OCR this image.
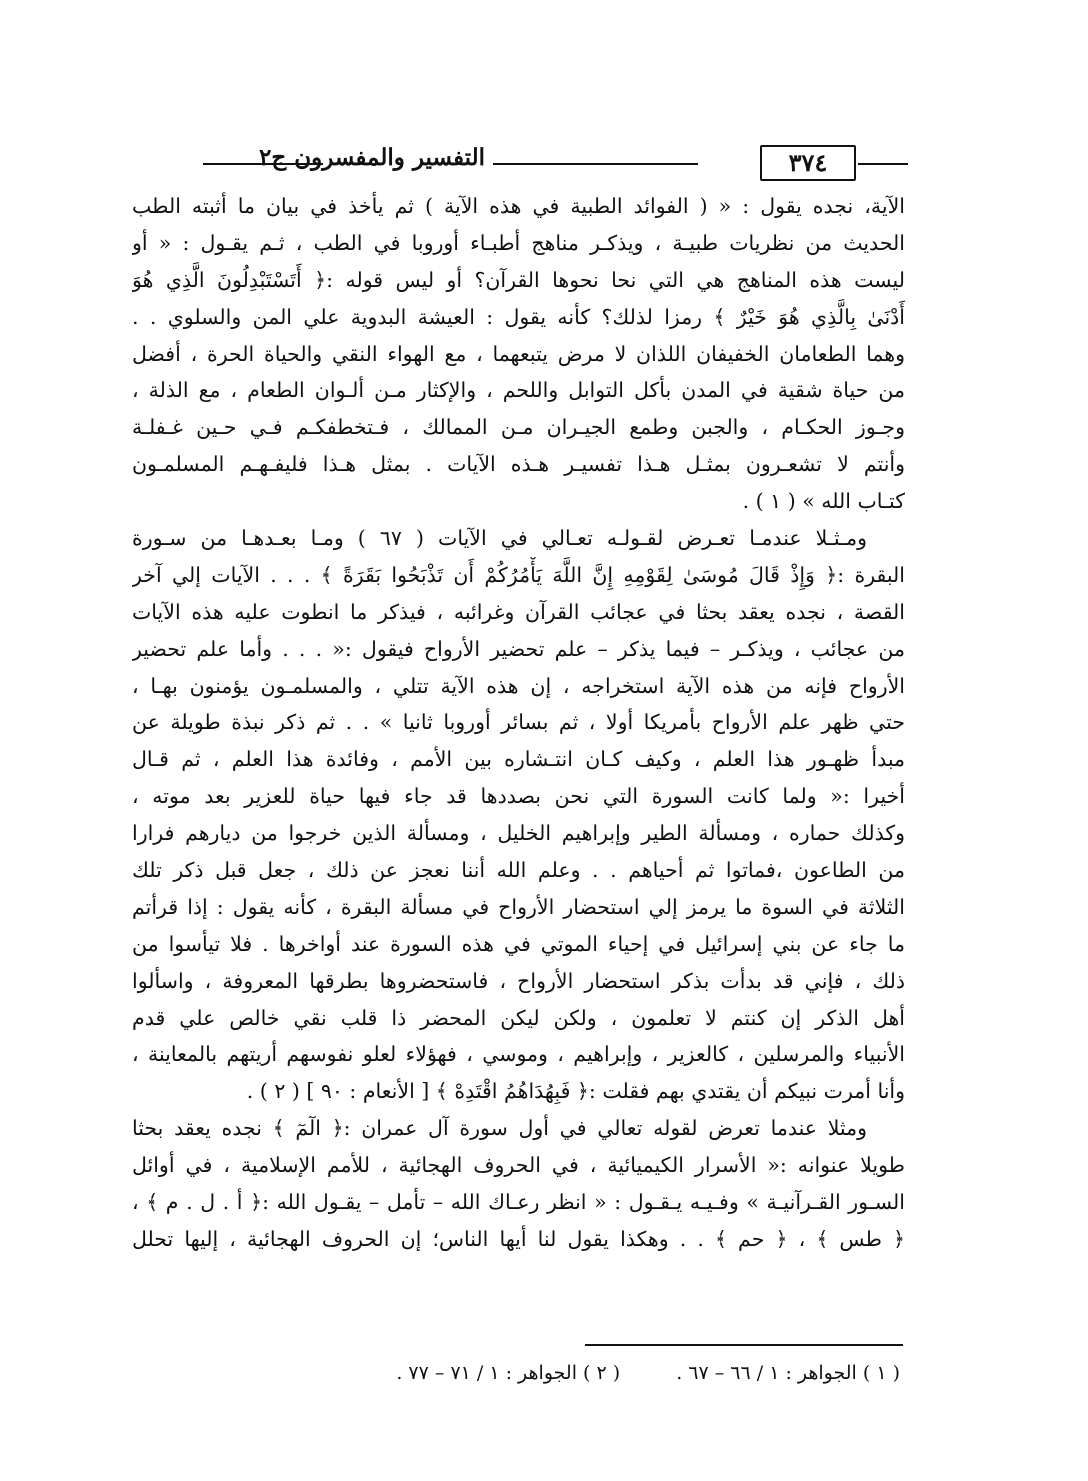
٣٧٤
التفسير والمفسرون ج٢
الآية، نجده يقول : « ( الفوائد الطبية في هذه الآية ) ثم يأخذ في بيان ما أثبته الطب
الحديث من نظريات طبيـة ، ويذكـر مناهج أطبـاء أوروبا في الطب ، ثـم يقـول : « أو
ليست هذه المناهج هي التي نحا نحوها القرآن؟ أو ليس قوله :﴿ أَتَسْتَبْدِلُونَ الَّذِي هُوَ
أَدْنَىٰ بِالَّذِي هُوَ خَيْرٌ ﴾ رمزا لذلك؟ كأنه يقول : العيشة البدوية علي المن والسلوي . .
وهما الطعامان الخفيفان اللذان لا مرض يتبعهما ، مع الهواء النقي والحياة الحرة ، أفضل
من حياة شقية في المدن بأكل التوابل واللحم ، والإكثار مـن ألـوان الطعام ، مع الذلة ،
وجـوز الحكـام ، والجبن وطمع الجيـران مـن الممالك ، فـتخطفكـم فـي حـين غـفلـة
وأنتم لا تشعـرون بمثـل هـذا تفسيـر هـذه الآيات . بمثل هـذا فليفـهـم المسلمـون
كتـاب الله » ( ١ ) .
ومـثـلا عندمـا تعـرض لقـولـه تعـالي في الآيات ( ٦٧ ) ومـا بعـدهـا من سـورة
البقرة :﴿ وَإِذْ قَالَ مُوسَىٰ لِقَوْمِهِ إِنَّ اللَّهَ يَأْمُرُكُمْ أَن تَذْبَحُوا بَقَرَةً ﴾ . . . الآيات إلي آخر
القصة ، نجده يعقد بحثا في عجائب القرآن وغرائبه ، فيذكر ما انطوت عليه هذه الآيات
من عجائب ، ويذكـر – فيما يذكر – علم تحضير الأرواح فيقول :« . . . وأما علم تحضير
الأرواح فإنه من هذه الآية استخراجه ، إن هذه الآية تتلي ، والمسلمـون يؤمنون بهـا ،
حتي ظهر علم الأرواح بأمريكا أولا ، ثم بسائر أوروبا ثانيا » . . ثم ذكر نبذة طويلة عن
مبدأ ظهـور هذا العلم ، وكيف كـان انتـشاره بين الأمم ، وفائدة هذا العلم ، ثم قـال
أخيرا :« ولما كانت السورة التي نحن بصددها قد جاء فيها حياة للعزير بعد موته ،
وكذلك حماره ، ومسألة الطير وإبراهيم الخليل ، ومسألة الذين خرجوا من ديارهم فرارا
من الطاعون ،فماتوا ثم أحياهم . . وعلم الله أننا نعجز عن ذلك ، جعل قبل ذكر تلك
الثلاثة في السوة ما يرمز إلي استحضار الأرواح في مسألة البقرة ، كأنه يقول : إذا قرأتم
ما جاء عن بني إسرائيل في إحياء الموتي في هذه السورة عند أواخرها . فلا تيأسوا من
ذلك ، فإني قد بدأت بذكر استحضار الأرواح ، فاستحضروها بطرقها المعروفة ، واسألوا
أهل الذكر إن كنتم لا تعلمون ، ولكن ليكن المحضر ذا قلب نقي خالص علي قدم
الأنبياء والمرسلين ، كالعزير ، وإبراهيم ، وموسي ، فهؤلاء لعلو نفوسهم أريتهم بالمعاينة ،
وأنا أمرت نبيكم أن يقتدي بهم فقلت :﴿ فَبِهُدَاهُمُ اقْتَدِهْ ﴾ [ الأنعام : ٩٠ ] ( ٢ ) .
ومثلا عندما تعرض لقوله تعالي في أول سورة آل عمران :﴿ الٓمٓ ﴾ نجده يعقد بحثا
طويلا عنوانه :« الأسرار الكيميائية ، في الحروف الهجائية ، للأمم الإسلامية ، في أوائل
السـور القـرآنيـة » وفـيـه يـقـول : « انظر رعـاك الله – تأمل – يقـول الله :﴿ أ . ل . م ﴾ ،
﴿ طس ﴾ ، ﴿ حم ﴾ . . وهكذا يقول لنا أيها الناس؛ إن الحروف الهجائية ، إليها تحلل
( ١ ) الجواهر : ١ / ٦٦ – ٦٧ . ( ٢ ) الجواهر : ١ / ٧١ – ٧٧ .
